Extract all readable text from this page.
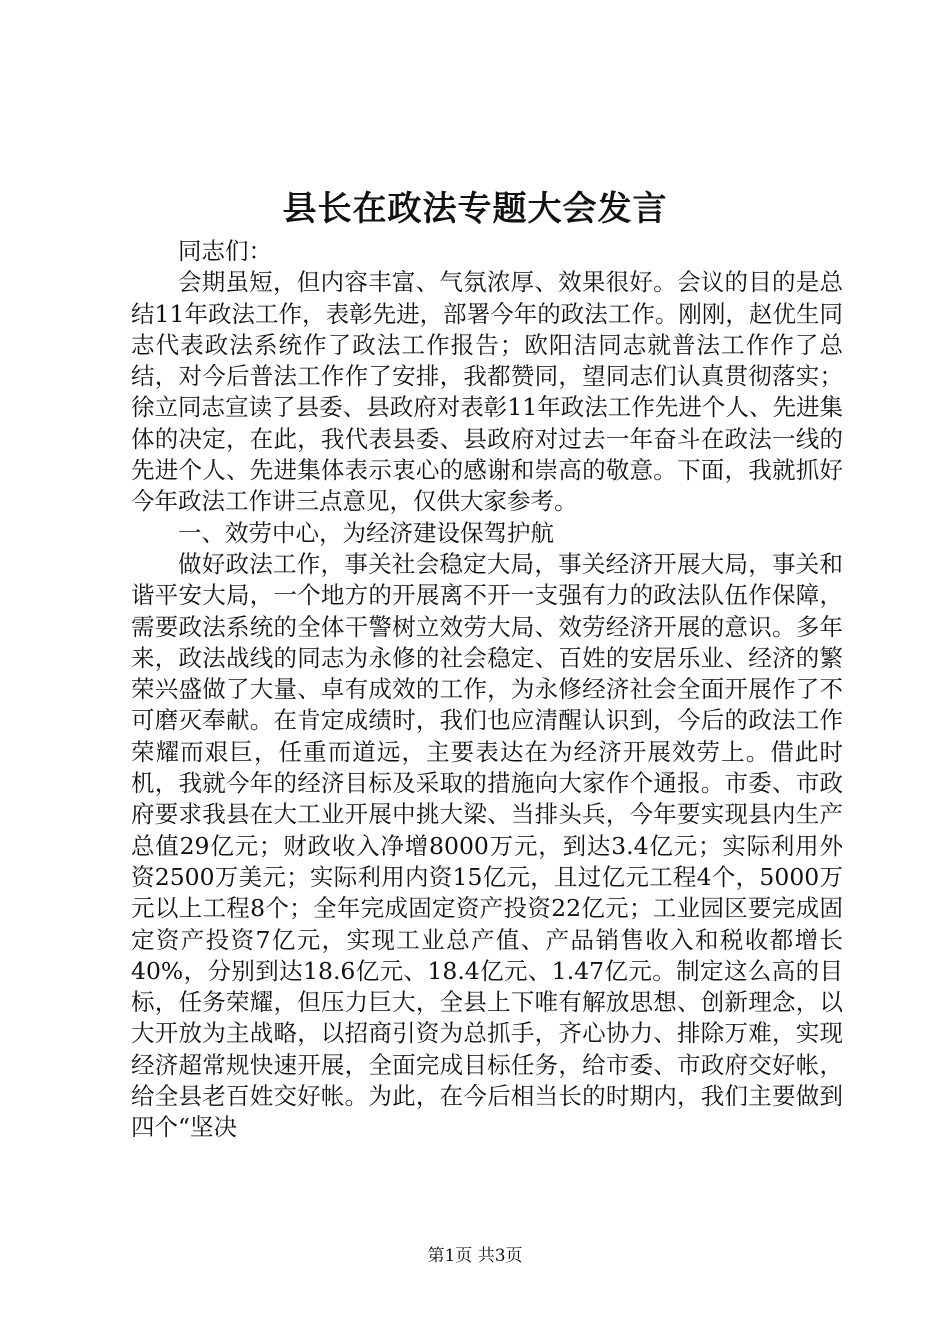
县长在政法专题大会发言

同志们：

会期虽短，但内容丰富、气氛浓厚、效果很好。会议的目的是总结11年政法工作，表彰先进，部署今年的政法工作。刚刚，赵优生同志代表政法系统作了政法工作报告；欧阳洁同志就普法工作作了总结，对今后普法工作作了安排，我都赞同，望同志们认真贯彻落实；徐立同志宣读了县委、县政府对表彰11年政法工作先进个人、先进集体的决定，在此，我代表县委、县政府对过去一年奋斗在政法一线的先进个人、先进集体表示衷心的感谢和崇高的敬意。下面，我就抓好今年政法工作讲三点意见，仅供大家参考。

一、效劳中心，为经济建设保驾护航

做好政法工作，事关社会稳定大局，事关经济开展大局，事关和谐平安大局，一个地方的开展离不开一支强有力的政法队伍作保障，需要政法系统的全体干警树立效劳大局、效劳经济开展的意识。多年来，政法战线的同志为永修的社会稳定、百姓的安居乐业、经济的繁荣兴盛做了大量、卓有成效的工作，为永修经济社会全面开展作了不可磨灭奉献。在肯定成绩时，我们也应清醒认识到，今后的政法工作荣耀而艰巨，任重而道远，主要表达在为经济开展效劳上。借此时机，我就今年的经济目标及采取的措施向大家作个通报。市委、市政府要求我县在大工业开展中挑大梁、当排头兵，今年要实现县内生产总值29亿元；财政收入净增8000万元，到达3.4亿元；实际利用外资2500万美元；实际利用内资15亿元，且过亿元工程4个，5000万元以上工程8个；全年完成固定资产投资22亿元；工业园区要完成固定资产投资7亿元，实现工业总产值、产品销售收入和税收都增长40%，分别到达18.6亿元、18.4亿元、1.47亿元。制定这么高的目标，任务荣耀，但压力巨大，全县上下唯有解放思想、创新理念，以大开放为主战略，以招商引资为总抓手，齐心协力、排除万难，实现经济超常规快速开展，全面完成目标任务，给市委、市政府交好帐，给全县老百姓交好帐。为此，在今后相当长的时期内，我们主要做到四个“坚决

第1页 共3页
